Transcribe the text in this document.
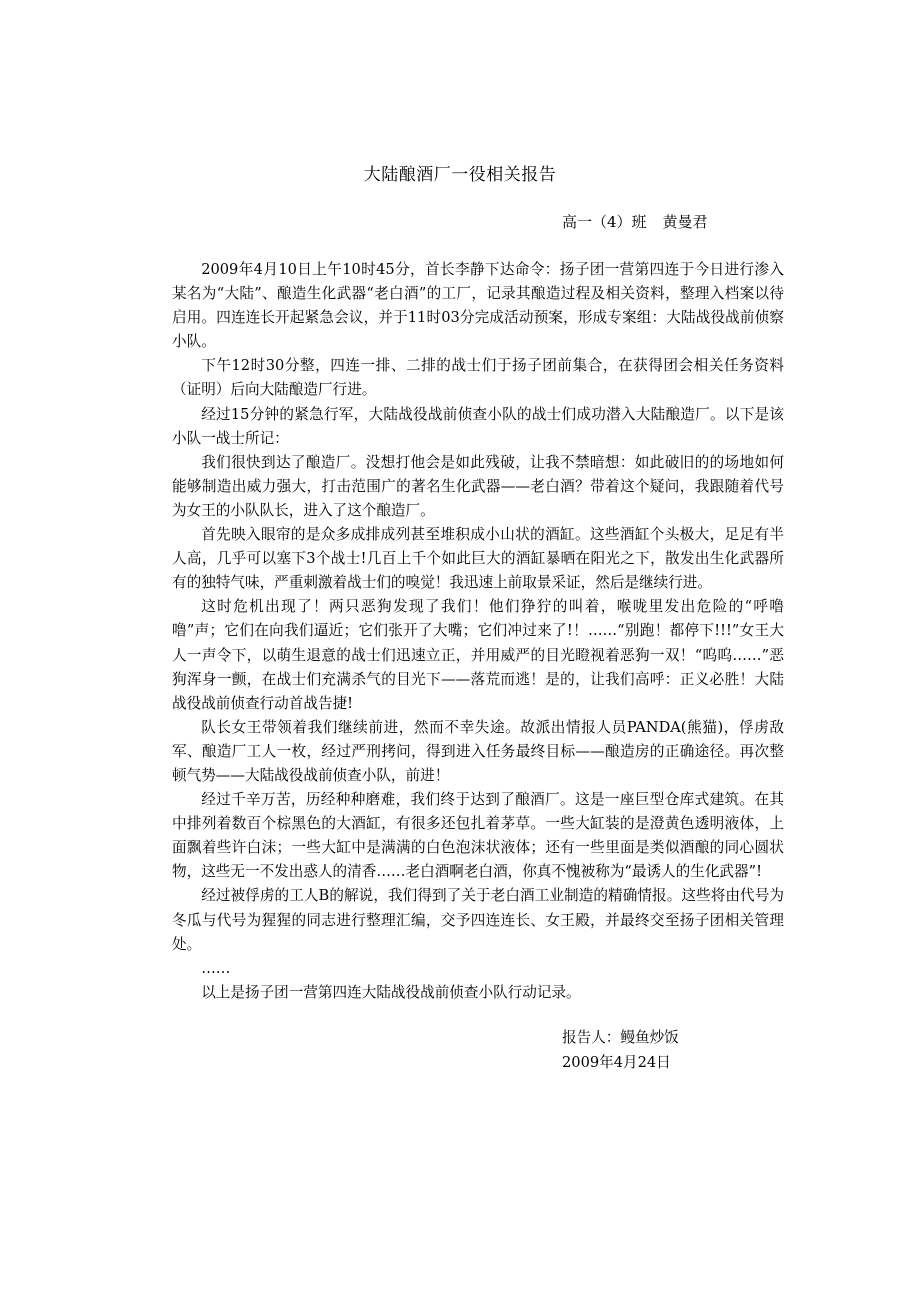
大陆酿酒厂一役相关报告
高一（4）班 黄曼君

2009年4月10日上午10时45分，首长李静下达命令：扬子团一营第四连于今日进行渗入某名为“大陆”、酿造生化武器“老白酒”的工厂，记录其酿造过程及相关资料，整理入档案以待启用。四连连长开起紧急会议，并于11时03分完成活动预案，形成专案组：大陆战役战前侦察小队。

下午12时30分整，四连一排、二排的战士们于扬子团前集合，在获得团会相关任务资料（证明）后向大陆酿造厂行进。

经过15分钟的紧急行军，大陆战役战前侦查小队的战士们成功潜入大陆酿造厂。以下是该小队一战士所记：

我们很快到达了酿造厂。没想打他会是如此残破，让我不禁暗想：如此破旧的的场地如何能够制造出威力强大，打击范围广的著名生化武器——老白酒？带着这个疑问，我跟随着代号为女王的小队队长，进入了这个酿造厂。

首先映入眼帘的是众多成排成列甚至堆积成小山状的酒缸。这些酒缸个头极大，足足有半人高，几乎可以塞下3个战士!几百上千个如此巨大的酒缸暴晒在阳光之下，散发出生化武器所有的独特气味，严重刺激着战士们的嗅觉！我迅速上前取景采证，然后是继续行进。

这时危机出现了！两只恶狗发现了我们！他们狰狞的叫着，喉咙里发出危险的“呼噜噜”声；它们在向我们逼近；它们张开了大嘴；它们冲过来了!！……“别跑！都停下!!!”女王大人一声令下，以萌生退意的战士们迅速立正，并用威严的目光瞪视着恶狗一双！“呜呜……”恶狗浑身一颤，在战士们充满杀气的目光下——落荒而逃！是的，让我们高呼：正义必胜！大陆战役战前侦查行动首战告捷!

队长女王带领着我们继续前进，然而不幸失途。故派出情报人员PANDA(熊猫)，俘虏敌军、酿造厂工人一枚，经过严刑拷问，得到进入任务最终目标——酿造房的正确途径。再次整顿气势——大陆战役战前侦查小队，前进！

经过千辛万苦，历经种种磨难，我们终于达到了酿酒厂。这是一座巨型仓库式建筑。在其中排列着数百个棕黑色的大酒缸，有很多还包扎着茅草。一些大缸装的是澄黄色透明液体，上面飘着些许白沫；一些大缸中是满满的白色泡沫状液体；还有一些里面是类似酒酿的同心圆状物，这些无一不发出惑人的清香……老白酒啊老白酒，你真不愧被称为“最诱人的生化武器”!

经过被俘虏的工人B的解说，我们得到了关于老白酒工业制造的精确情报。这些将由代号为冬瓜与代号为猩猩的同志进行整理汇编，交予四连连长、女王殿，并最终交至扬子团相关管理处。

……

以上是扬子团一营第四连大陆战役战前侦查小队行动记录。

报告人：鳗鱼炒饭
2009年4月24日
